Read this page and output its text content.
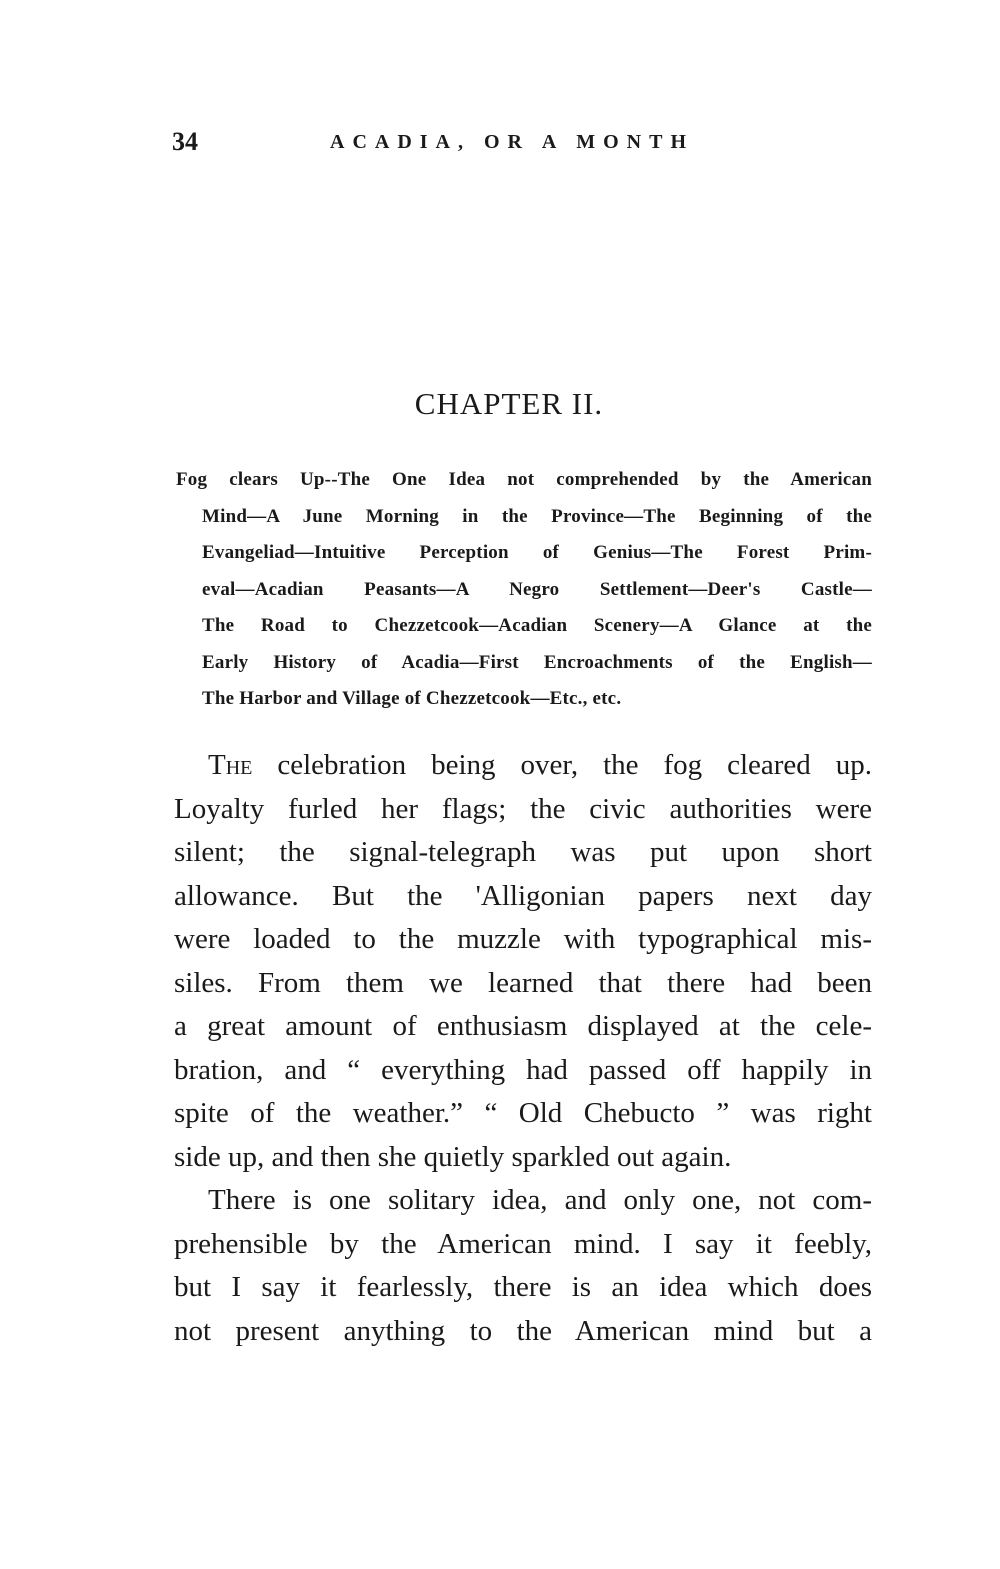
34	ACADIA, OR A MONTH
CHAPTER II.
Fog clears Up--The One Idea not comprehended by the American
Mind—A June Morning in the Province—The Beginning of the
Evangeliad—Intuitive Perception of Genius—The Forest Prim-
eval—Acadian Peasants—A Negro Settlement—Deer's Castle—
The Road to Chezzetcook—Acadian Scenery—A Glance at the
Early History of Acadia—First Encroachments of the English—
The Harbor and Village of Chezzetcook—Etc., etc.
The celebration being over, the fog cleared up.
Loyalty furled her flags; the civic authorities were
silent; the signal-telegraph was put upon short
allowance. But the 'Alligonian papers next day
were loaded to the muzzle with typographical mis-
siles. From them we learned that there had been
a great amount of enthusiasm displayed at the cele-
bration, and “ everything had passed off happily in
spite of the weather.” “ Old Chebucto ” was right
side up, and then she quietly sparkled out again.
There is one solitary idea, and only one, not com-
prehensible by the American mind. I say it feebly,
but I say it fearlessly, there is an idea which does
not present anything to the American mind but a
